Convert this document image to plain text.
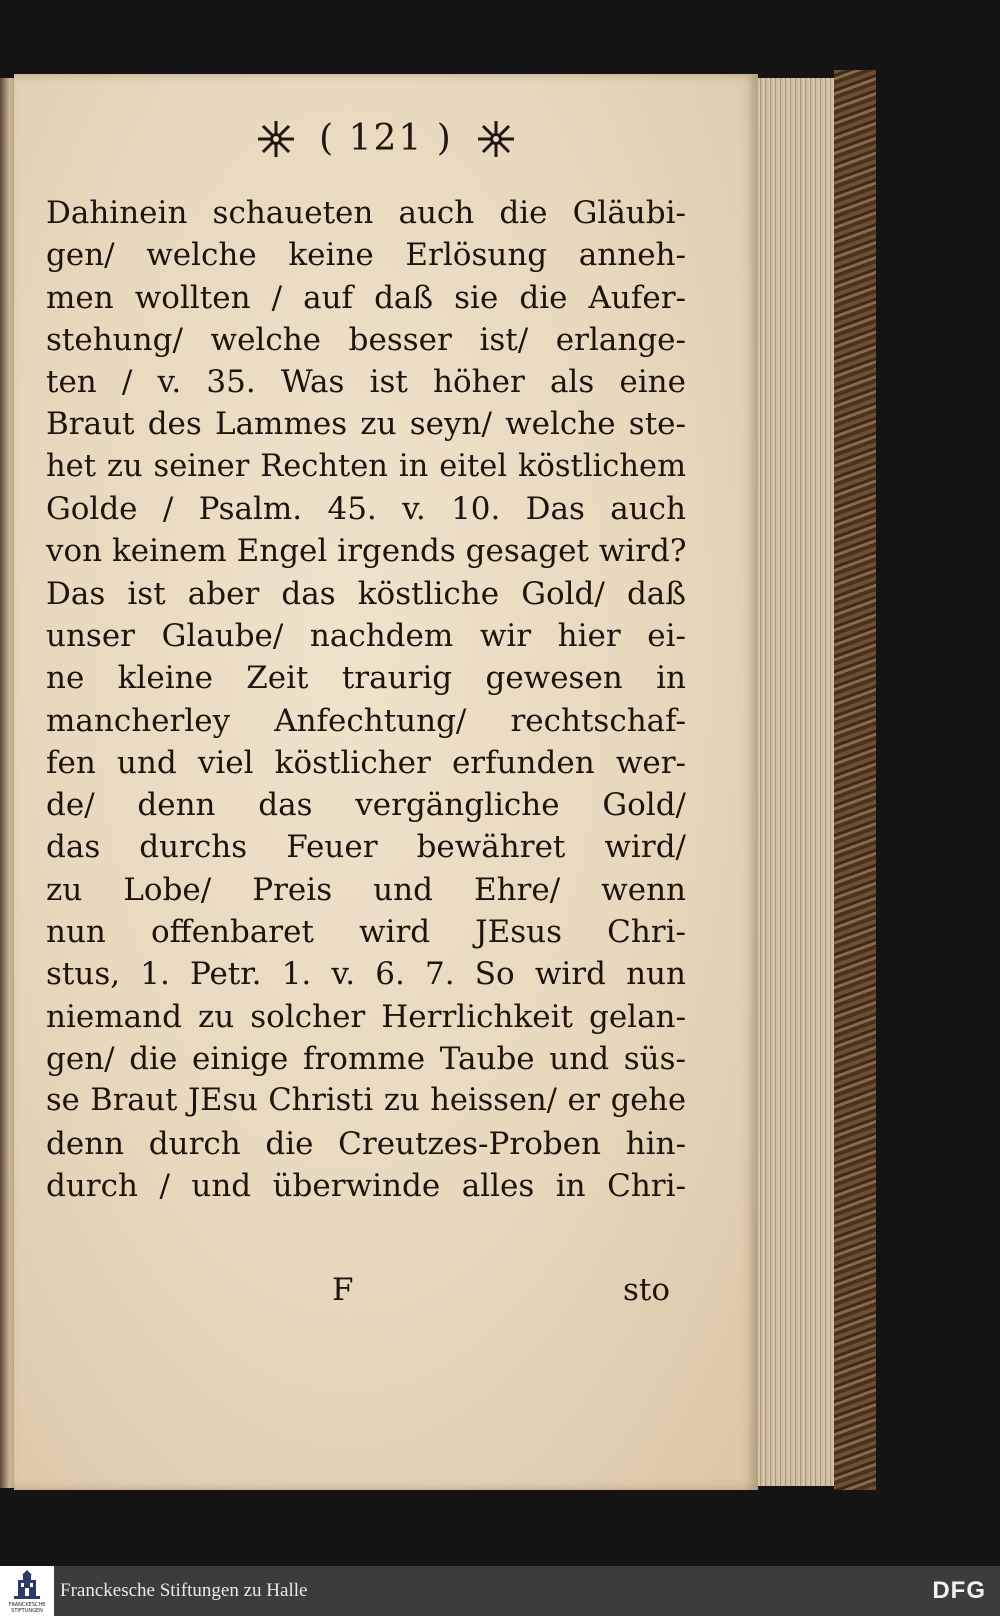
( 121 )
Dahinein schaueten auch die Gläubi-
gen/ welche keine Erlösung anneh-
men wollten / auf daß sie die Aufer-
stehung/ welche besser ist/ erlange-
ten / v. 35. Was ist höher als eine
Braut des Lammes zu seyn/ welche ste-
het zu seiner Rechten in eitel köstlichem
Golde / Psalm. 45. v. 10. Das auch
von keinem Engel irgends gesaget wird?
Das ist aber das köstliche Gold/ daß
unser Glaube/ nachdem wir hier ei-
ne kleine Zeit traurig gewesen in
mancherley Anfechtung/ rechtschaf-
fen und viel köstlicher erfunden wer-
de/ denn das vergängliche Gold/
das durchs Feuer bewähret wird/
zu Lobe/ Preis und Ehre/ wenn
nun offenbaret wird JEsus Chri-
stus, 1. Petr. 1. v. 6. 7. So wird nun
niemand zu solcher Herrlichkeit gelan-
gen/ die einige fromme Taube und süs-
se Braut JEsu Christi zu heissen/ er gehe
denn durch die Creutzes-Proben hin-
durch / und überwinde alles in Chri-
F	sto
FRANCKESCHE STIFTUNGEN
Franckesche Stiftungen zu Halle	DFG
